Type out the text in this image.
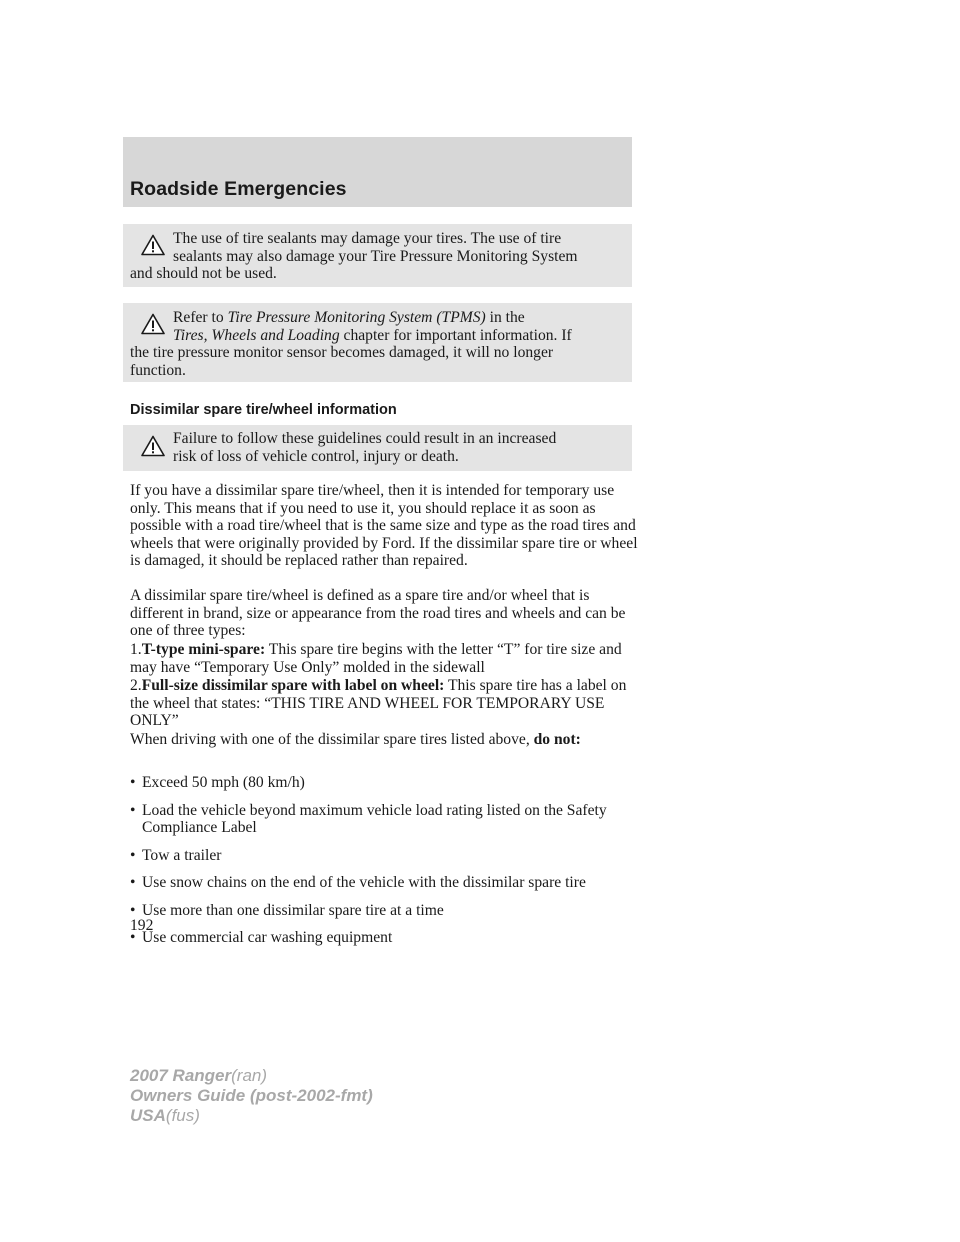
Roadside Emergencies
The use of tire sealants may damage your tires. The use of tire
sealants may also damage your Tire Pressure Monitoring System
and should not be used.
Refer to Tire Pressure Monitoring System (TPMS) in the
Tires, Wheels and Loading chapter for important information. If
the tire pressure monitor sensor becomes damaged, it will no longer
function.
Dissimilar spare tire/wheel information
Failure to follow these guidelines could result in an increased
risk of loss of vehicle control, injury or death.
If you have a dissimilar spare tire/wheel, then it is intended for temporary use only. This means that if you need to use it, you should replace it as soon as possible with a road tire/wheel that is the same size and type as the road tires and wheels that were originally provided by Ford. If the dissimilar spare tire or wheel is damaged, it should be replaced rather than repaired.
A dissimilar spare tire/wheel is defined as a spare tire and/or wheel that is different in brand, size or appearance from the road tires and wheels and can be one of three types:
1.T-type mini-spare: This spare tire begins with the letter “T” for tire size and may have “Temporary Use Only” molded in the sidewall
2.Full-size dissimilar spare with label on wheel: This spare tire has a label on the wheel that states: “THIS TIRE AND WHEEL FOR TEMPORARY USE ONLY”
When driving with one of the dissimilar spare tires listed above, do not:
• Exceed 50 mph (80 km/h)
• Load the vehicle beyond maximum vehicle load rating listed on the Safety Compliance Label
• Tow a trailer
• Use snow chains on the end of the vehicle with the dissimilar spare tire
• Use more than one dissimilar spare tire at a time
• Use commercial car washing equipment
192
2007 Ranger(ran)
Owners Guide (post-2002-fmt)
USA(fus)
